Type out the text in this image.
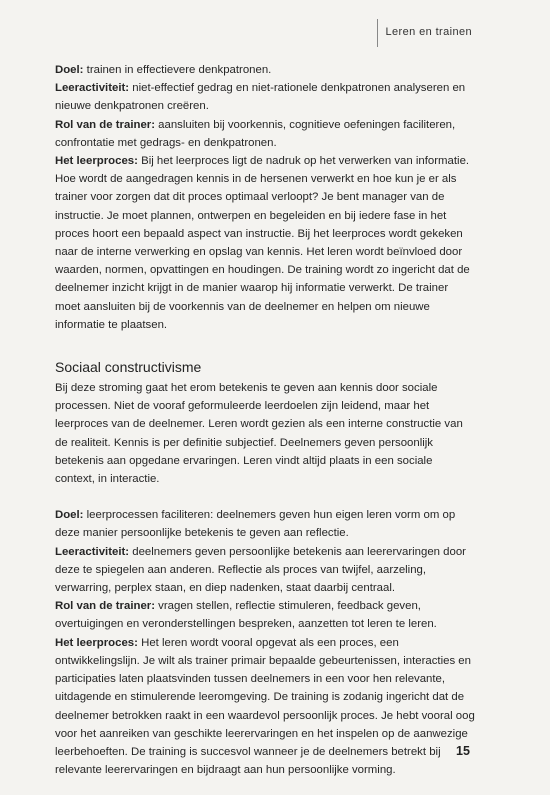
Leren en trainen

Doel: trainen in effectievere denkpatronen.

Leeractiviteit: niet-effectief gedrag en niet-rationele denkpatronen analyseren en nieuwe denkpatronen creëren.

Rol van de trainer: aansluiten bij voorkennis, cognitieve oefeningen faciliteren, confrontatie met gedrags- en denkpatronen.

Het leerproces: Bij het leerproces ligt de nadruk op het verwerken van informatie. Hoe wordt de aangedragen kennis in de hersenen verwerkt en hoe kun je er als trainer voor zorgen dat dit proces optimaal verloopt? Je bent manager van de instructie. Je moet plannen, ontwerpen en begeleiden en bij iedere fase in het proces hoort een bepaald aspect van instructie. Bij het leerproces wordt gekeken naar de interne verwerking en opslag van kennis. Het leren wordt beïnvloed door waarden, normen, opvattingen en houdingen. De training wordt zo ingericht dat de deelnemer inzicht krijgt in de manier waarop hij informatie verwerkt. De trainer moet aansluiten bij de voorkennis van de deelnemer en helpen om nieuwe informatie te plaatsen.

Sociaal constructivisme

Bij deze stroming gaat het erom betekenis te geven aan kennis door sociale processen. Niet de vooraf geformuleerde leerdoelen zijn leidend, maar het leerproces van de deelnemer. Leren wordt gezien als een interne constructie van de realiteit. Kennis is per definitie subjectief. Deelnemers geven persoonlijk betekenis aan opgedane ervaringen. Leren vindt altijd plaats in een sociale context, in interactie.

Doel: leerprocessen faciliteren: deelnemers geven hun eigen leren vorm om op deze manier persoonlijke betekenis te geven aan reflectie.

Leeractiviteit: deelnemers geven persoonlijke betekenis aan leerervaringen door deze te spiegelen aan anderen. Reflectie als proces van twijfel, aarzeling, verwarring, perplex staan, en diep nadenken, staat daarbij centraal.

Rol van de trainer: vragen stellen, reflectie stimuleren, feedback geven, overtuigingen en veronderstellingen bespreken, aanzetten tot leren te leren.

Het leerproces: Het leren wordt vooral opgevat als een proces, een ontwikkelingslijn. Je wilt als trainer primair bepaalde gebeurtenissen, interacties en participaties laten plaatsvinden tussen deelnemers in een voor hen relevante, uitdagende en stimulerende leeromgeving. De training is zodanig ingericht dat de deelnemer betrokken raakt in een waardevol persoonlijk proces. Je hebt vooral oog voor het aanreiken van geschikte leerervaringen en het inspelen op de aanwezige leerbehoeften. De training is succesvol wanneer je de deelnemers betrekt bij relevante leerervaringen en bijdraagt aan hun persoonlijke vorming.

15
